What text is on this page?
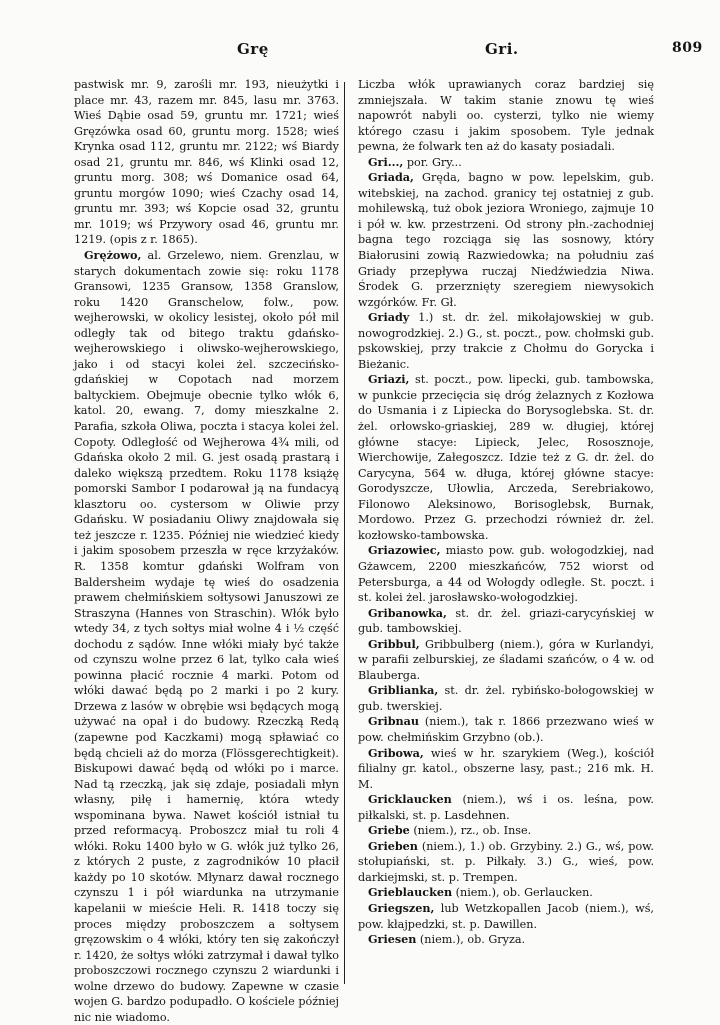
Grę	Gri.	809

pastwisk mr. 9, zarośli mr. 193, nieużytki i place mr. 43, razem mr. 845, lasu mr. 3763. Wieś Dąbie osad 59, gruntu mr. 1721; wieś Gręzówka osad 60, gruntu morg. 1528; wieś Krynka osad 112, gruntu mr. 2122; wś Biardy osad 21, gruntu mr. 846, wś Klinki osad 12, gruntu morg. 308; wś Domanice osad 64, gruntu morgów 1090; wieś Czachy osad 14, gruntu mr. 393; wś Kopcie osad 32, gruntu mr. 1019; wś Przywory osad 46, gruntu mr. 1219. (opis z r. 1865).

Grężowo, al. Grzelewo, niem. Grenzlau, w starych dokumentach zowie się: roku 1178 Gransowi, 1235 Gransow, 1358 Granslow, roku 1420 Granschelow, folw., pow. wejherowski, w okolicy lesistej, około pół mil odległy tak od bitego traktu gdańsko-wejherowskiego i oliwsko-wejherowskiego, jako i od stacyi kolei żel. szczecińsko-gdańskiej w Copotach nad morzem baltyckiem. Obejmuje obecnie tylko włók 6, katol. 20, ewang. 7, domy mieszkalne 2. Parafia, szkoła Oliwa, poczta i stacya kolei żel. Copoty. Odległość od Wejherowa 4¾ mili, od Gdańska około 2 mil. G. jest osadą prastarą i daleko większą przedtem. Roku 1178 książę pomorski Sambor I podarował ją na fundacyą klasztoru oo. cystersom w Oliwie przy Gdańsku. W posiadaniu Oliwy znajdowała się też jeszcze r. 1235. Później nie wiedzieć kiedy i jakim sposobem przeszła w ręce krzyżaków. R. 1358 komtur gdański Wolfram von Baldersheim wydaje tę wieś do osadzenia prawem chełmińskiem sołtysowi Januszowi ze Straszyna (Hannes von Straschin). Włók było wtedy 34, z tych sołtys miał wolne 4 i ½ część dochodu z sądów. Inne włóki miały być także od czynszu wolne przez 6 lat, tylko cała wieś powinna płacić rocznie 4 marki. Potom od włóki dawać będą po 2 marki i po 2 kury. Drzewa z lasów w obrębie wsi będących mogą używać na opał i do budowy. Rzeczką Redą (zapewne pod Kaczkami) mogą spławiać co będą chcieli aż do morza (Flössgerechtigkeit). Biskupowi dawać będą od włóki po i marce. Nad tą rzeczką, jak się zdaje, posiadali młyn własny, piłę i hamernię, która wtedy wspominana bywa. Nawet kościół istniał tu przed reformacyą. Proboszcz miał tu roli 4 włóki. Roku 1400 było w G. włók już tylko 26, z których 2 puste, z zagrodników 10 płacił każdy po 10 skotów. Młynarz dawał rocznego czynszu 1 i pół wiardunka na utrzymanie kapelanii w mieście Heli. R. 1418 toczy się proces między proboszczem a sołtysem gręzowskim o 4 włóki, który ten się zakończył r. 1420, że sołtys włóki zatrzymał i dawał tylko proboszczowi rocznego czynszu 2 wiardunki i wolne drzewo do budowy. Zapewne w czasie wojen G. bardzo podupadło. O kościele później nic nie wiadomo.

Liczba włók uprawianych coraz bardziej się zmniejszała. W takim stanie znowu tę wieś napowrót nabyli oo. cysterzi, tylko nie wiemy którego czasu i jakim sposobem. Tyle jednak pewna, że folwark ten aż do kasaty posiadali.

Gri..., por. Gry...

Griada, Gręda, bagno w pow. lepelskim, gub. witebskiej, na zachod. granicy tej ostatniej z gub. mohilewską, tuż obok jeziora Wroniego, zajmuje 10 i pół w. kw. przestrzeni. Od strony płn.-zachodniej bagna tego rozciąga się las sosnowy, który Białorusini zowią Razwiedowka; na południu zaś Griady przepływa ruczaj Niedźwiedzia Niwa. Środek G. przerznięty szeregiem niewysokich wzgórków. Fr. Gł.

Griady 1.) st. dr. żel. mikołajowskiej w gub. nowogrodzkiej. 2.) G., st. poczt., pow. chołmski gub. pskowskiej, przy trakcie z Chołmu do Gorycka i Bieżanic.

Griazi, st. poczt., pow. lipecki, gub. tambowska, w punkcie przecięcia się dróg żelaznych z Kozłowa do Usmania i z Lipiecka do Borysoglebska. St. dr. żel. orłowsko-griaskiej, 289 w. długiej, której główne stacye: Lipieck, Jelec, Rososznoje, Wierchowije, Załegoszcz. Idzie też z G. dr. żel. do Carycyna, 564 w. długa, której główne stacye: Gorodyszcze, Ułowlia, Arczeda, Serebriakowo, Filonowo Aleksinowo, Borisoglebsk, Burnak, Mordowo. Przez G. przechodzi również dr. żel. kozłowsko-tambowska.

Griazowiec, miasto pow. gub. wołogodzkiej, nad Gżawcem, 2200 mieszkańców, 752 wiorst od Petersburga, a 44 od Wołogdy odległe. St. poczt. i st. kolei żel. jarosławsko-wołogodzkiej.

Gribanowka, st. dr. żel. griazi-carycyńskiej w gub. tambowskiej.

Gribbul, Gribbulberg (niem.), góra w Kurlandyi, w parafii zelburskiej, ze śladami szańców, o 4 w. od Blauberga.

Griblianka, st. dr. żel. rybińsko-bołogowskiej w gub. twerskiej.

Gribnau (niem.), tak r. 1866 przezwano wieś w pow. chełmińskim Grzybno (ob.).

Gribowa, wieś w hr. szarykiem (Weg.), kościół filialny gr. katol., obszerne lasy, past.; 216 mk. H. M.

Gricklaucken (niem.), wś i os. leśna, pow. piłkalski, st. p. Lasdehnen.

Griebe (niem.), rz., ob. Inse.

Grieben (niem.), 1.) ob. Grzybiny. 2.) G., wś, pow. stołupiański, st. p. Piłkały. 3.) G., wieś, pow. darkiejmski, st. p. Trempen.

Grieblaucken (niem.), ob. Gerlaucken.

Griegszen, lub Wetzkopallen Jacob (niem.), wś, pow. kłajpedzki, st. p. Dawillen.

Griesen (niem.), ob. Gryza.
